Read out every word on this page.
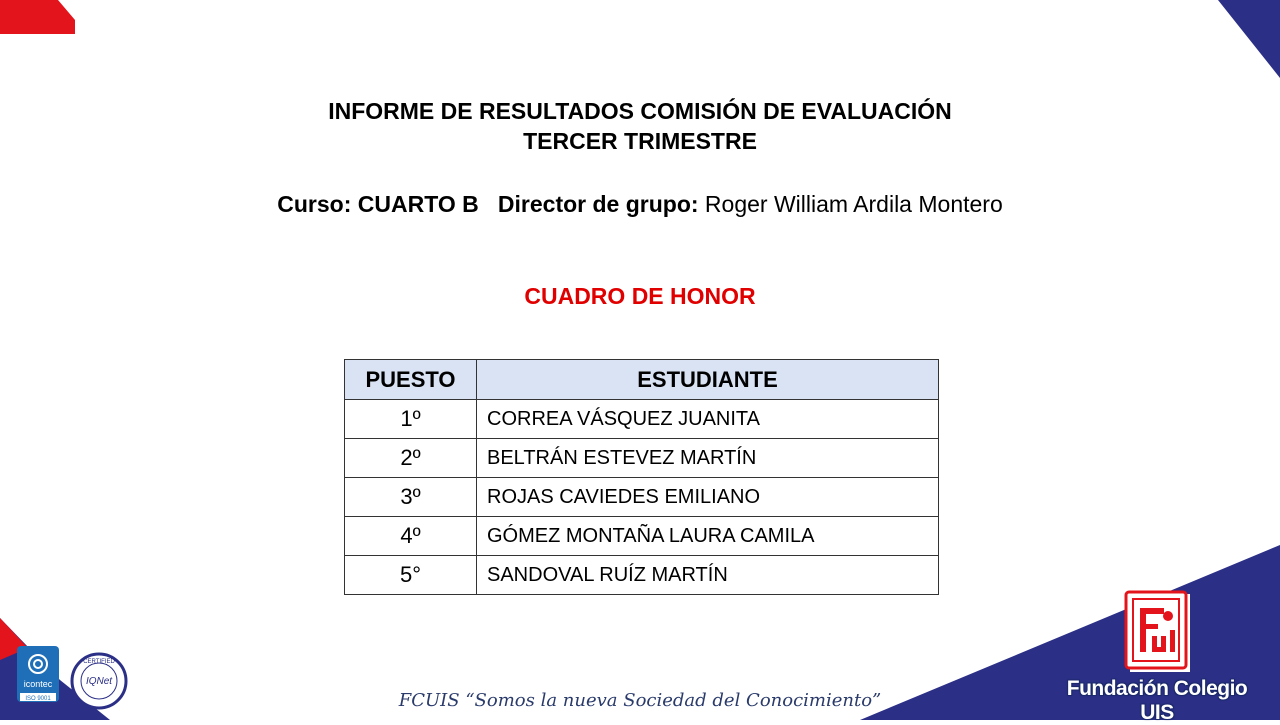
INFORME DE RESULTADOS COMISIÓN DE EVALUACIÓN
TERCER TRIMESTRE
Curso: CUARTO B Director de grupo: Roger William Ardila Montero
CUADRO DE HONOR
PUESTO	ESTUDIANTE
1º	CORREA VÁSQUEZ JUANITA
2º	BELTRÁN ESTEVEZ MARTÍN
3º	ROJAS CAVIEDES EMILIANO
4º	GÓMEZ MONTAÑA LAURA CAMILA
5°	SANDOVAL RUÍZ MARTÍN
icontec
ISO 9001
CERTIFIED
IQNet	Fundación Colegio UIS
FCUIS “Somos la nueva Sociedad del Conocimiento”
